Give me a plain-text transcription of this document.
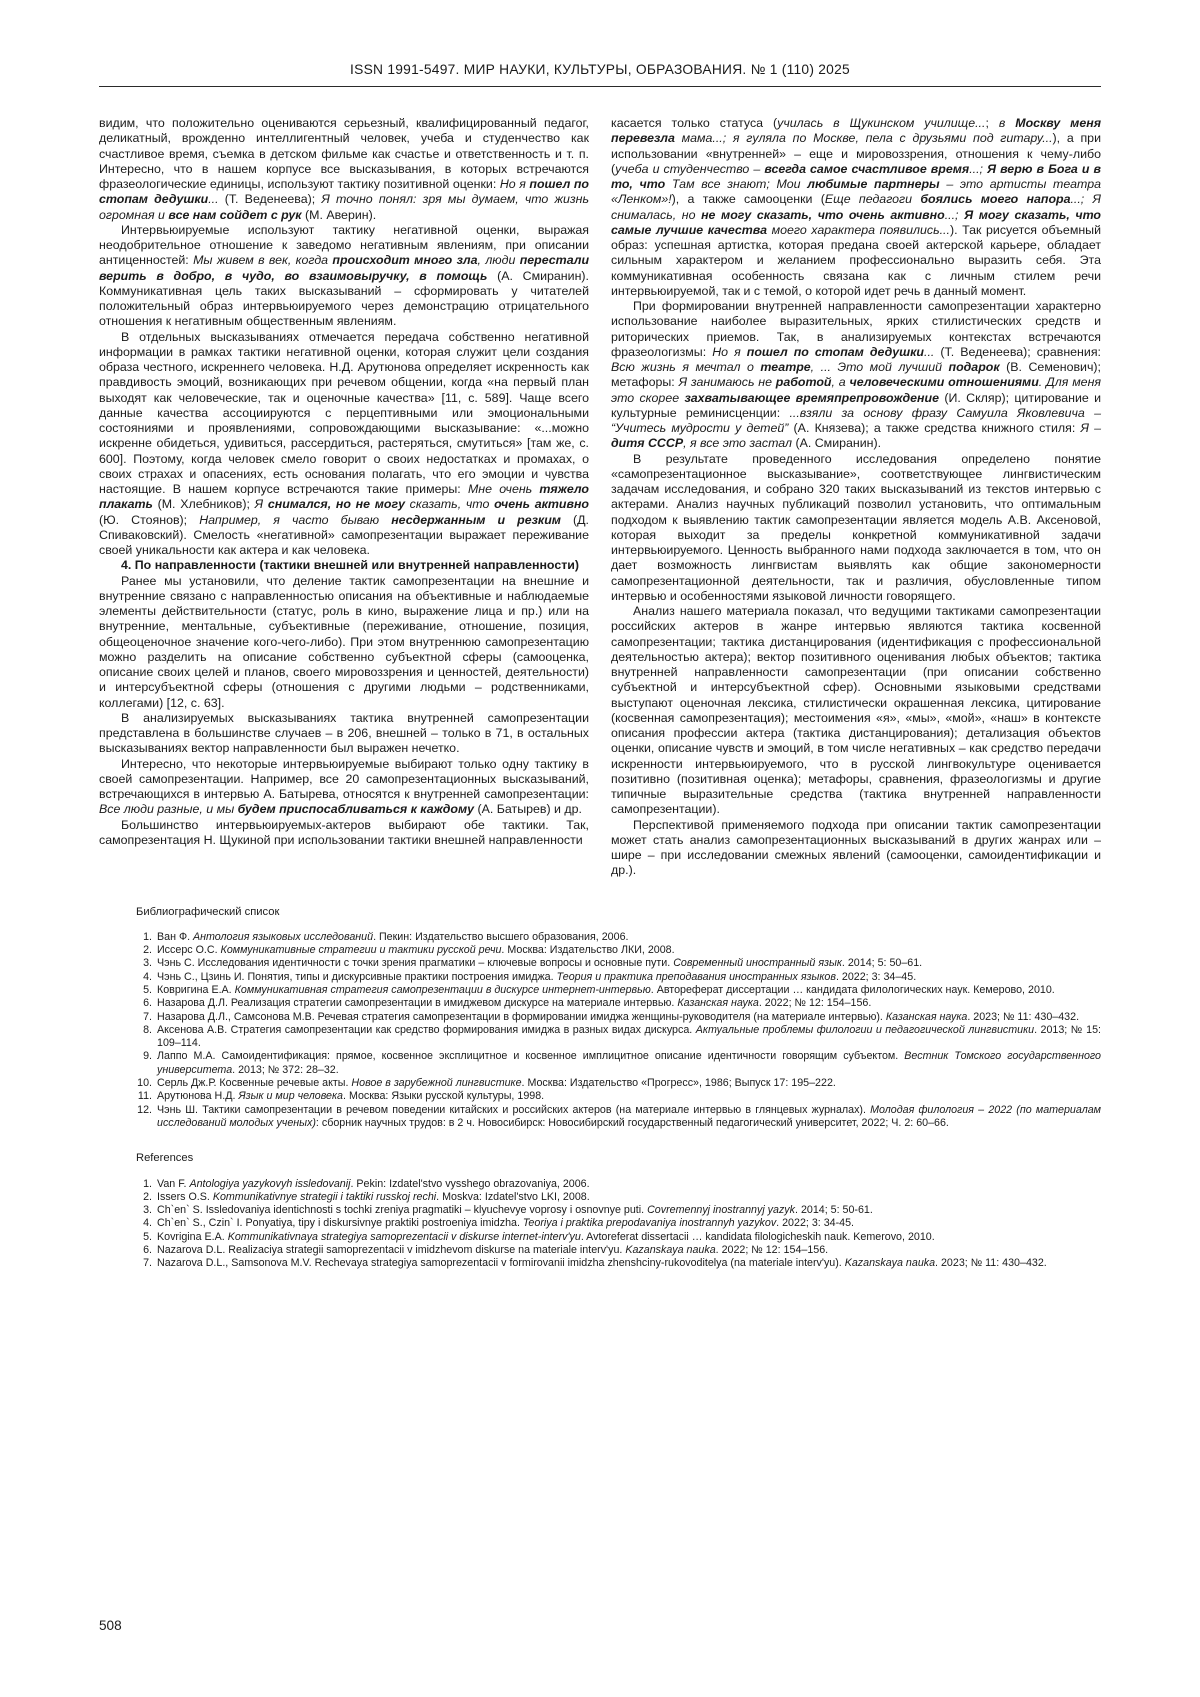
ISSN 1991-5497. МИР НАУКИ, КУЛЬТУРЫ, ОБРАЗОВАНИЯ. № 1 (110) 2025

видим, что положительно оцениваются серьезный, квалифицированный педагог, деликатный, врожденно интеллигентный человек, учеба и студенчество как счастливое время, съемка в детском фильме как счастье и ответственность и т. п. Интересно, что в нашем корпусе все высказывания, в которых встречаются фразеологические единицы, используют тактику позитивной оценки: Но я пошел по стопам дедушки... (Т. Веденеева); Я точно понял: зря мы думаем, что жизнь огромная и все нам сойдет с рук (М. Аверин).

Интервьюируемые используют тактику негативной оценки, выражая неодобрительное отношение к заведомо негативным явлениям, при описании антиценностей: Мы живем в век, когда происходит много зла, люди перестали верить в добро, в чудо, во взаимовыручку, в помощь (А. Смиранин). Коммуникативная цель таких высказываний – сформировать у читателей положительный образ интервьюируемого через демонстрацию отрицательного отношения к негативным общественным явлениям.

В отдельных высказываниях отмечается передача собственно негативной информации в рамках тактики негативной оценки, которая служит цели создания образа честного, искреннего человека. Н.Д. Арутюнова определяет искренность как правдивость эмоций, возникающих при речевом общении, когда «на первый план выходят как человеческие, так и оценочные качества» [11, с. 589]. Чаще всего данные качества ассоциируются с перцептивными или эмоциональными состояниями и проявлениями, сопровождающими высказывание: «...можно искренне обидеться, удивиться, рассердиться, растеряться, смутиться» [там же, с. 600]. Поэтому, когда человек смело говорит о своих недостатках и промахах, о своих страхах и опасениях, есть основания полагать, что его эмоции и чувства настоящие. В нашем корпусе встречаются такие примеры: Мне очень тяжело плакать (М. Хлебников); Я снимался, но не могу сказать, что очень активно (Ю. Стоянов); Например, я часто бываю несдержанным и резким (Д. Спиваковский). Смелость «негативной» самопрезентации выражает переживание своей уникальности как актера и как человека.

4. По направленности (тактики внешней или внутренней направленности)

Ранее мы установили, что деление тактик самопрезентации на внешние и внутренние связано с направленностью описания на объективные и наблюдаемые элементы действительности (статус, роль в кино, выражение лица и пр.) или на внутренние, ментальные, субъективные (переживание, отношение, позиция, общеоценочное значение кого-чего-либо). При этом внутреннюю самопрезентацию можно разделить на описание собственно субъектной сферы (самооценка, описание своих целей и планов, своего мировоззрения и ценностей, деятельности) и интерсубъектной сферы (отношения с другими людьми – родственниками, коллегами) [12, с. 63].

В анализируемых высказываниях тактика внутренней самопрезентации представлена в большинстве случаев – в 206, внешней – только в 71, в остальных высказываниях вектор направленности был выражен нечетко.

Интересно, что некоторые интервьюируемые выбирают только одну тактику в своей самопрезентации. Например, все 20 самопрезентационных высказываний, встречающихся в интервью А. Батырева, относятся к внутренней самопрезентации: Все люди разные, и мы будем приспосабливаться к каждому (А. Батырев) и др.

Большинство интервьюируемых-актеров выбирают обе тактики. Так, самопрезентация Н. Щукиной при использовании тактики внешней направленности

касается только статуса (училась в Щукинском училище...; в Москву меня перевезла мама...; я гуляла по Москве, пела с друзьями под гитару...), а при использовании «внутренней» – еще и мировоззрения, отношения к чему-либо (учеба и студенчество – всегда самое счастливое время...; Я верю в Бога и в то, что Там все знают; Мои любимые партнеры – это артисты театра «Ленком»!), а также самооценки (Еще педагоги боялись моего напора...; Я снималась, но не могу сказать, что очень активно...; Я могу сказать, что самые лучшие качества моего характера появились...). Так рисуется объемный образ: успешная артистка, которая предана своей актерской карьере, обладает сильным характером и желанием профессионально выразить себя. Эта коммуникативная особенность связана как с личным стилем речи интервьюируемой, так и с темой, о которой идет речь в данный момент.

При формировании внутренней направленности самопрезентации характерно использование наиболее выразительных, ярких стилистических средств и риторических приемов. Так, в анализируемых контекстах встречаются фразеологизмы: Но я пошел по стопам дедушки... (Т. Веденеева); сравнения: Всю жизнь я мечтал о театре, ... Это мой лучший подарок (В. Семенович); метафоры: Я занимаюсь не работой, а человеческими отношениями. Для меня это скорее захватывающее времяпрепровождение (И. Скляр); цитирование и культурные реминисценции: ...взяли за основу фразу Самуила Яковлевича – “Учитесь мудрости у детей” (А. Князева); а также средства книжного стиля: Я – дитя СССР, я все это застал (А. Смиранин).

В результате проведенного исследования определено понятие «самопрезентационное высказывание», соответствующее лингвистическим задачам исследования, и собрано 320 таких высказываний из текстов интервью с актерами. Анализ научных публикаций позволил установить, что оптимальным подходом к выявлению тактик самопрезентации является модель А.В. Аксеновой, которая выходит за пределы конкретной коммуникативной задачи интервьюируемого. Ценность выбранного нами подхода заключается в том, что он дает возможность лингвистам выявлять как общие закономерности самопрезентационной деятельности, так и различия, обусловленные типом интервью и особенностями языковой личности говорящего.

Анализ нашего материала показал, что ведущими тактиками самопрезентации российских актеров в жанре интервью являются тактика косвенной самопрезентации; тактика дистанцирования (идентификация с профессиональной деятельностью актера); вектор позитивного оценивания любых объектов; тактика внутренней направленности самопрезентации (при описании собственно субъектной и интерсубъектной сфер). Основными языковыми средствами выступают оценочная лексика, стилистически окрашенная лексика, цитирование (косвенная самопрезентация); местоимения «я», «мы», «мой», «наш» в контексте описания профессии актера (тактика дистанцирования); детализация объектов оценки, описание чувств и эмоций, в том числе негативных – как средство передачи искренности интервьюируемого, что в русской лингвокультуре оценивается позитивно (позитивная оценка); метафоры, сравнения, фразеологизмы и другие типичные выразительные средства (тактика внутренней направленности самопрезентации).

Перспективой применяемого подхода при описании тактик самопрезентации может стать анализ самопрезентационных высказываний в других жанрах или – шире – при исследовании смежных явлений (самооценки, самоидентификации и др.).

Библиографический список
1. Ван Ф. Антология языковых исследований. Пекин: Издательство высшего образования, 2006.
2. Иссерс О.С. Коммуникативные стратегии и тактики русской речи. Москва: Издательство ЛКИ, 2008.
3. Чэнь С. Исследования идентичности с точки зрения прагматики – ключевые вопросы и основные пути. Современный иностранный язык. 2014; 5: 50–61.
4. Чэнь С., Цзинь И. Понятия, типы и дискурсивные практики построения имиджа. Теория и практика преподавания иностранных языков. 2022; 3: 34–45.
5. Ковригина Е.А. Коммуникативная стратегия самопрезентации в дискурсе интернет-интервью. Автореферат диссертации … кандидата филологических наук. Кемерово, 2010.
6. Назарова Д.Л. Реализация стратегии самопрезентации в имиджевом дискурсе на материале интервью. Казанская наука. 2022; № 12: 154–156.
7. Назарова Д.Л., Самсонова М.В. Речевая стратегия самопрезентации в формировании имиджа женщины-руководителя (на материале интервью). Казанская наука. 2023; № 11: 430–432.
8. Аксенова А.В. Стратегия самопрезентации как средство формирования имиджа в разных видах дискурса. Актуальные проблемы филологии и педагогической лингвистики. 2013; № 15: 109–114.
9. Лаппо М.А. Самоидентификация: прямое, косвенное эксплицитное и косвенное имплицитное описание идентичности говорящим субъектом. Вестник Томского государственного университета. 2013; № 372: 28–32.
10. Серль Дж.Р. Косвенные речевые акты. Новое в зарубежной лингвистике. Москва: Издательство «Прогресс», 1986; Выпуск 17: 195–222.
11. Арутюнова Н.Д. Язык и мир человека. Москва: Языки русской культуры, 1998.
12. Чэнь Ш. Тактики самопрезентации в речевом поведении китайских и российских актеров (на материале интервью в глянцевых журналах). Молодая филология – 2022 (по материалам исследований молодых ученых): сборник научных трудов: в 2 ч. Новосибирск: Новосибирский государственный педагогический университет, 2022; Ч. 2: 60–66.
References
1. Van F. Antologiya yazykovyh issledovanij. Pekin: Izdatel'stvo vysshego obrazovaniya, 2006.
2. Issers O.S. Kommunikativnye strategii i taktiki russkoj rechi. Moskva: Izdatel'stvo LKI, 2008.
3. Ch`en` S. Issledovaniya identichnosti s tochki zreniya pragmatiki – klyuchevye voprosy i osnovnye puti. Covremennyj inostrannyj yazyk. 2014; 5: 50-61.
4. Ch`en` S., Czin` I. Ponyatiya, tipy i diskursivnye praktiki postroeniya imidzha. Teoriya i praktika prepodavaniya inostrannyh yazykov. 2022; 3: 34-45.
5. Kovrigina E.A. Kommunikativnaya strategiya samoprezentacii v diskurse internet-interv'yu. Avtoreferat dissertacii … kandidata filologicheskih nauk. Kemerovo, 2010.
6. Nazarova D.L. Realizaciya strategii samoprezentacii v imidzhevom diskurse na materiale interv'yu. Kazanskaya nauka. 2022; № 12: 154–156.
7. Nazarova D.L., Samsonova M.V. Rechevaya strategiya samoprezentacii v formirovanii imidzha zhenshciny-rukovoditelya (na materiale interv'yu). Kazanskaya nauka. 2023; № 11: 430–432.
508
